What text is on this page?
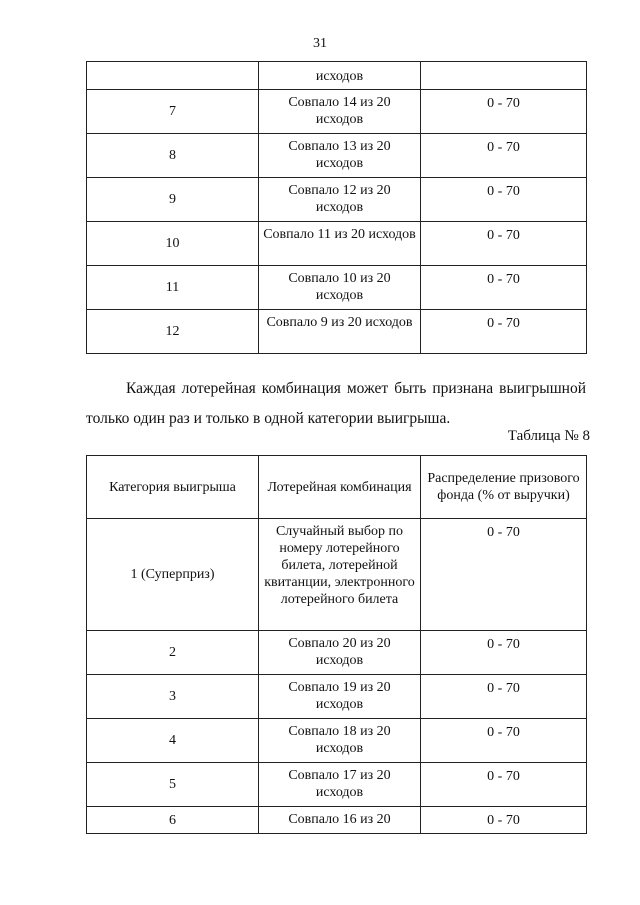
31
	исходов	
7	Совпало 14 из 20 исходов	0 - 70
8	Совпало 13 из 20 исходов	0 - 70
9	Совпало 12 из 20 исходов	0 - 70
10	Совпало 11 из 20 исходов	0 - 70
11	Совпало 10 из 20 исходов	0 - 70
12	Совпало 9 из 20 исходов	0 - 70
Каждая лотерейная комбинация может быть признана выигрышной только один раз и только в одной категории выигрыша.
Таблица № 8
Категория выигрыша	Лотерейная комбинация	Распределение призового фонда (% от выручки)
1 (Суперприз)	Случайный выбор по номеру лотерейного билета, лотерейной квитанции, электронного лотерейного билета	0 - 70
2	Совпало 20 из 20 исходов	0 - 70
3	Совпало 19 из 20 исходов	0 - 70
4	Совпало 18 из 20 исходов	0 - 70
5	Совпало 17 из 20 исходов	0 - 70
6	Совпало 16 из 20	0 - 70
